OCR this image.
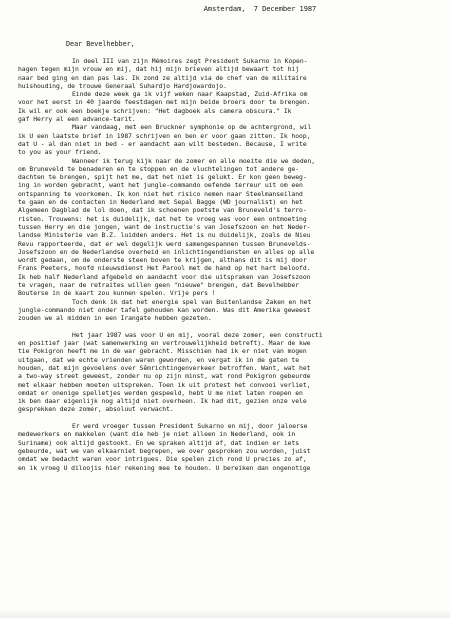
Amsterdam,  7 December 1987
Dear Bevelhebber,
In deel III van zijn Mémoires zegt President Sukarno in Kopen-
hagen tegen mijn vrouw en mij, dat hij mijn brieven altijd bewaart tot hij
naar bed ging en dan pas las. Ik zond ze altijd via de chef van de militaire
huishouding, de trouwe Generaal Suhardjo Hardjowardojo.
Einde deze week ga ik vijf weken naar Kaapstad, Zuid-Afrika om
voor het eerst in 40 jaarde feestdagen met mijn beide broers door te brengen.
Ik wil er ook een boekje schrijven: "Het dagboek als camera obscura." Ik
gaf Herry al een advance-tarit.
Maar vandaag, met een Bruckner symphonie op de achtergrond, wil
ik U een laatste brief in 1987 schrijven en ben er voor gaan zitten. Ik hoop,
dat U - al dan niet in bed - er aandacht aan wilt besteden. Because, I write
to you as your friend.
Wanneer ik terug kijk naar de zomer en alle moeite die we deden,
om Bruneveld te benaderen en te stoppen en de vluchtelingen tot andere ge-
dachten te brengen, spijt het me, dat het niet is gelukt. Er kon geen beweg-
ing in worden gebracht, want het jungle-commando oefende terreur uit om een
ontspanning te voorkomen. Ik kon niet het risico nemen naar Steelmanseiland
te gaan en de contacten in Nederland met Sepal Bagge (WD journalist) en het
Algemeen Dagblad de lol doen, dat ik schoenen poetste van Bruneveld's terro-
risten. Trouwens: het is duidelijk, dat het te vroeg was voor een ontmoeting
tussen Herry en die jongen, want de instructie's van Josefszoon en het Neder-
landse Ministerie van B.Z. luidden anders. Het is nu duidelijk, zoals de Nieu
Revu rapporteerde, dat er wel degelijk werd samengespannen tussen Brunevelds-
Josefszoon en de Nederlandse overheid en inlichtingendiensten en alles op alle
wordt gedaan, om de onderste steen boven te krijgen, althans dit is mij door
Frans Peeters, hoofd nieuwsdienst Het Parool met de hand op het hart beloofd.
Ik heb half Nederland afgebeld en aandacht voor die uitspraken van Josefszoon
te vragen, naar de retraites willen geen "nieuwe" brengen, dat Bevelhebber
Bouterse in de kaart zou kunnen spelen. Vrije pers !
Toch denk ik dat het energie spel van Buitenlandse Zaken en het
jungle-commando niet onder tafel gehouden kan worden. Was dit Amerika geweest
zouden we al midden in een Irangate hebben gezeten.
Het jaar 1987 was voor U en mij, vooral deze zomer, een constructi
en positief jaar (wat samenwerking en vertrouwelijkheid betreft). Maar de kwe
tie Pokigron heeft me in de war gebracht. Misschien had ik er niet van mogen
uitgaan, dat we echte vrienden waren geworden, en vergat ik in de gaten te
houden, dat mijn gevoelens over Sêmrichtingenverkeer betroffen. Want, wat het
a two-way street geweest, zonder nu op zijn minst, wat rond Pokigron gebeurde
met elkaar hebben moeten uitspreken. Toen ik uit protest het convooi verliet,
omdat er onenige spelletjes werden gespeeld, hebt U me niet laten roepen en
ik ben daar eigenlijk nog altijd niet overheen. Ik had dit, gezien onze vele
gesprekken deze zomer, absoluut verwacht.
Er werd vroeger tussen President Sukarno en mij, door jaloerse
medewerkers en makkelen (want die heb je niet alleen in Nederland, ook in
Suriname) ook altijd gestookt. En we spraken altijd af, dat indien er iets
gebeurde, wat we van elkaarniet begrepen, we over gesproken zou worden, juist
omdat we bedacht waren voor intrigues. Die spelen zich rond U precies zo af,
en ik vroeg U diloojis hier rekening mee te houden. U bereiken dan ongenotige
